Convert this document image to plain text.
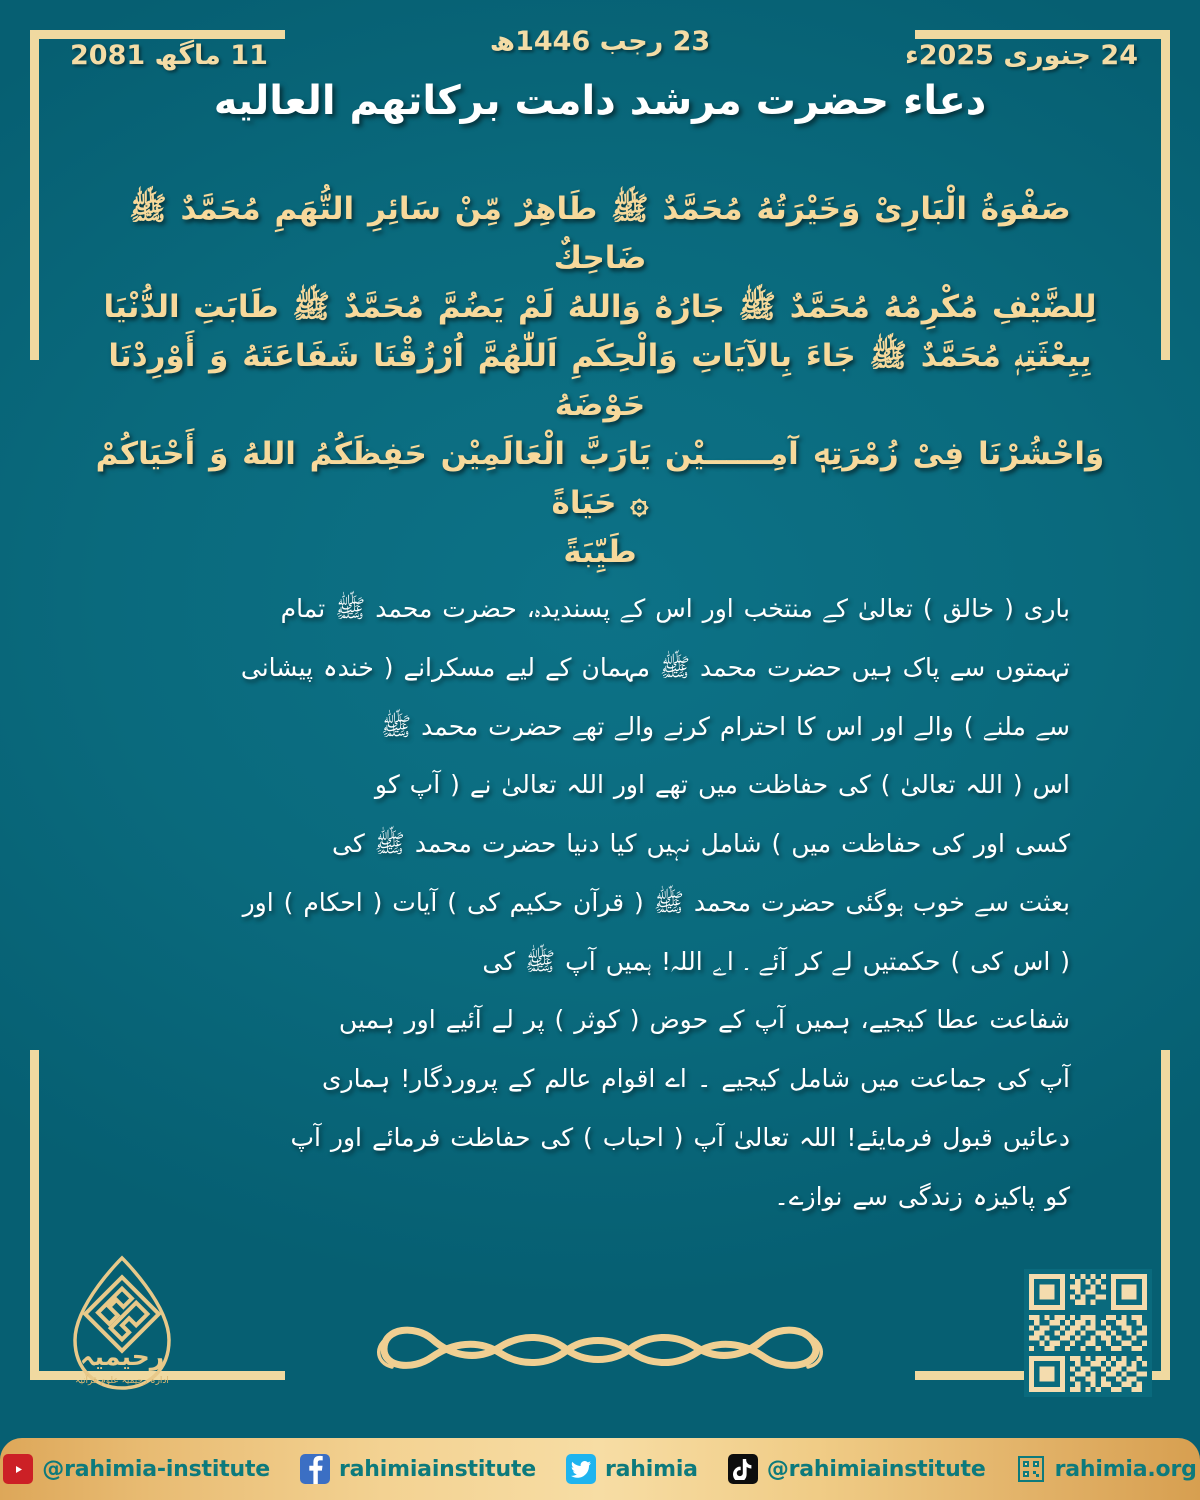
11 ماگھ 2081	23 رجب 1446ھ	24 جنوری 2025ء
دعاء حضرت مرشد دامت بركاتهم العاليه
صَفْوَةُ الْبَارِىْ وَخَيْرَتُهُ مُحَمَّدٌ ﷺ طَاهِرٌ مِّنْ سَائِرِ التُّهَمِ مُحَمَّدٌ ﷺ ضَاحِكٌ
لِلضَّيْفِ مُكْرِمُهُ مُحَمَّدٌ ﷺ جَارُهُ وَاللهُ لَمْ يَضُمَّ مُحَمَّدٌ ﷺ طَابَتِ الدُّنْيَا
بِبِعْثَتِهٖ مُحَمَّدٌ ﷺ جَاءَ بِالآيَاتِ وَالْحِكَمِ اَللّٰهُمَّ اُرْزُقْنَا شَفَاعَتَهُ وَ أَوْرِدْنَا حَوْضَهُ
وَاحْشُرْنَا فِىْ زُمْرَتِهٖ آمِــــــيْن يَارَبَّ الْعَالَمِيْن حَفِظَكُمُ اللهُ وَ أَحْيَاكُمْ ۞ حَيَاةً
طَيِّبَةً
باری ( خالق ) تعالیٰ کے منتخب اور اس کے پسندیدہ، حضرت محمد ﷺ تمام
تہمتوں سے پاک ہیں حضرت محمد ﷺ مہمان کے لیے مسکرانے ( خندہ پیشانی
سے ملنے ) والے اور اس کا احترام کرنے والے تھے حضرت محمد ﷺ
اس ( اللہ تعالیٰ ) کی حفاظت میں تھے اور اللہ تعالیٰ نے ( آپ کو
کسی اور کی حفاظت میں ) شامل نہیں کیا دنیا حضرت محمد ﷺ کی
بعثت سے خوب ہوگئی حضرت محمد ﷺ ( قرآن حکیم کی ) آیات ( احکام ) اور
( اس کی ) حکمتیں لے کر آئے ۔ اے اللہ! ہمیں آپ ﷺ کی
شفاعت عطا کیجیے، ہمیں آپ کے حوض ( کوثر ) پر لے آئیے اور ہمیں
آپ کی جماعت میں شامل کیجیے ۔ اے اقوام عالم کے پروردگار! ہماری
دعائیں قبول فرمایئے! اللہ تعالیٰ آپ ( احباب ) کی حفاظت فرمائے اور آپ
کو پاکیزہ زندگی سے نوازے۔
رحیمیہ
ادارہ رحیمیہ علوم قرآنیہ
@rahimia-institute	rahimiainstitute	rahimia	@rahimiainstitute	rahimia.org
